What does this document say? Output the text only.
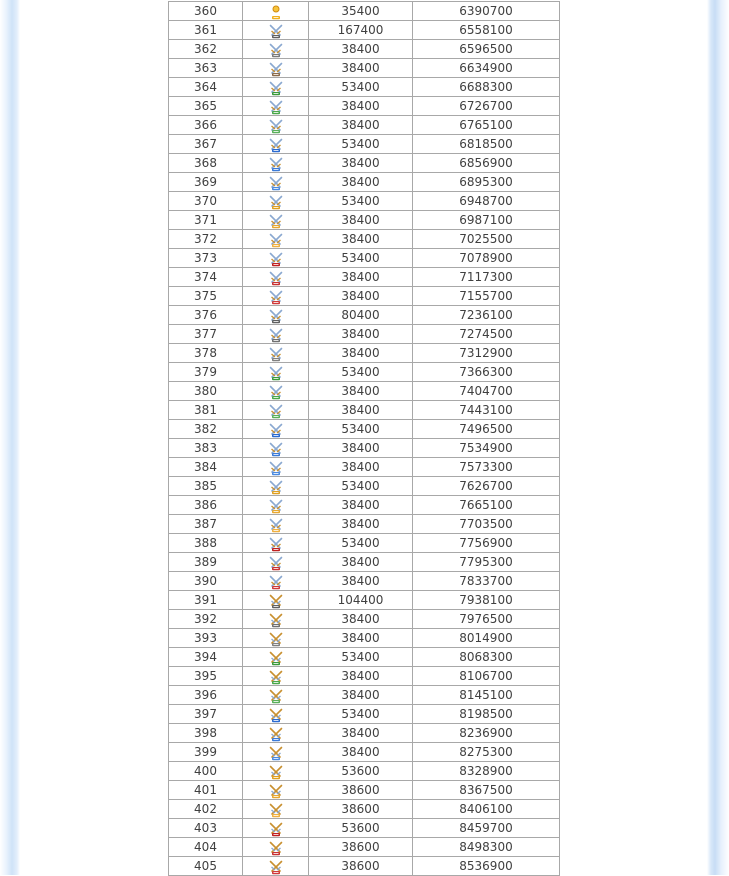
360		35400	6390700
361		167400	6558100
362		38400	6596500
363		38400	6634900
364		53400	6688300
365		38400	6726700
366		38400	6765100
367		53400	6818500
368		38400	6856900
369		38400	6895300
370		53400	6948700
371		38400	6987100
372		38400	7025500
373		53400	7078900
374		38400	7117300
375		38400	7155700
376		80400	7236100
377		38400	7274500
378		38400	7312900
379		53400	7366300
380		38400	7404700
381		38400	7443100
382		53400	7496500
383		38400	7534900
384		38400	7573300
385		53400	7626700
386		38400	7665100
387		38400	7703500
388		53400	7756900
389		38400	7795300
390		38400	7833700
391		104400	7938100
392		38400	7976500
393		38400	8014900
394		53400	8068300
395		38400	8106700
396		38400	8145100
397		53400	8198500
398		38400	8236900
399		38400	8275300
400		53600	8328900
401		38600	8367500
402		38600	8406100
403		53600	8459700
404		38600	8498300
405		38600	8536900
